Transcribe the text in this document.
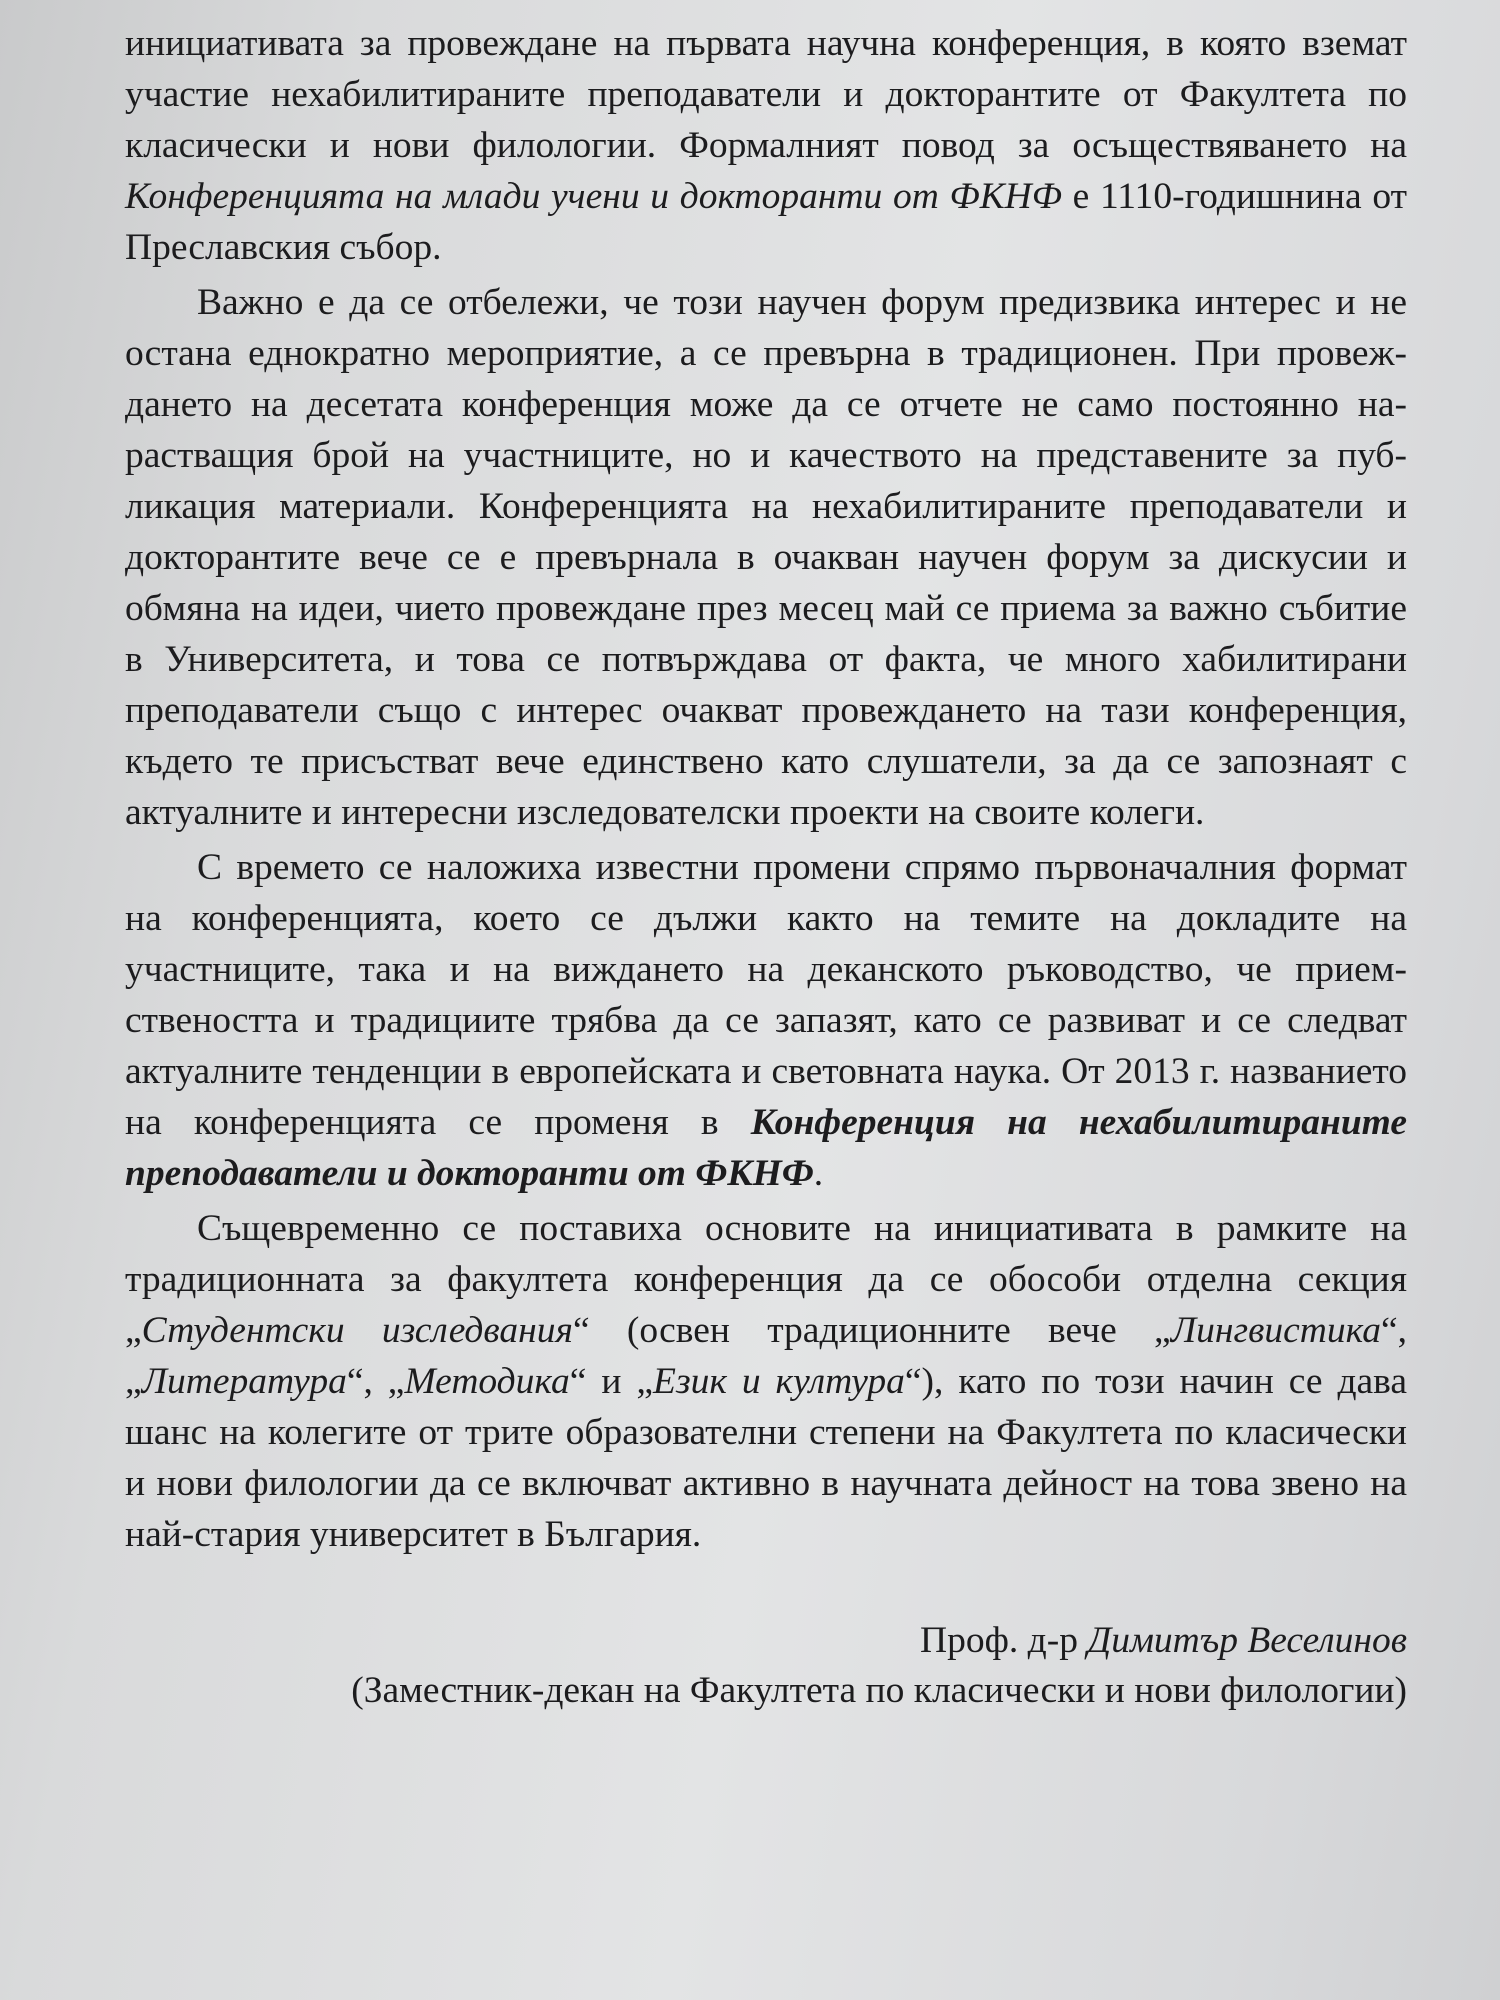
инициативата за провеждане на първата научна конференция, в която вземат участие нехабилитираните преподаватели и докторантите от Факултета по класически и нови филологии. Формалният повод за осъществяването на Конференцията на млади учени и докторанти от ФКНФ е 1110-годишнина от Преславския събор.

Важно е да се отбележи, че този научен форум предизвика интерес и не остана еднократно мероприятие, а се превърна в традиционен. При провеждането на десетата конференция може да се отчете не само постоянно нарастващия брой на участниците, но и качеството на представените за публикация материали. Конференцията на нехабилитираните преподаватели и докторантите вече се е превърнала в очакван научен форум за дискусии и обмяна на идеи, чието провеждане през месец май се приема за важно събитие в Университета, и това се потвърждава от факта, че много хабилитирани преподаватели също с интерес очакват провеждането на тази конференция, където те присъстват вече единствено като слушатели, за да се запознаят с актуалните и интересни изследователски проекти на своите колеги.

С времето се наложиха известни промени спрямо първоначалния формат на конференцията, което се дължи както на темите на докладите на участниците, така и на виждането на деканското ръководство, че приемствеността и традициите трябва да се запазят, като се развиват и се следват актуалните тенденции в европейската и световната наука. От 2013 г. названието на конференцията се променя в Конференция на нехабилитираните преподаватели и докторанти от ФКНФ.

Същевременно се поставиха основите на инициативата в рамките на традиционната за факултета конференция да се обособи отделна секция „Студентски изследвания“ (освен традиционните вече „Лингвистика“, „Литература“, „Методика“ и „Език и култура“), като по този начин се дава шанс на колегите от трите образователни степени на Факултета по класически и нови филологии да се включват активно в научната дейност на това звено на най-стария университет в България.

Проф. д-р Димитър Веселинов
(Заместник-декан на Факултета по класически и нови филологии)
